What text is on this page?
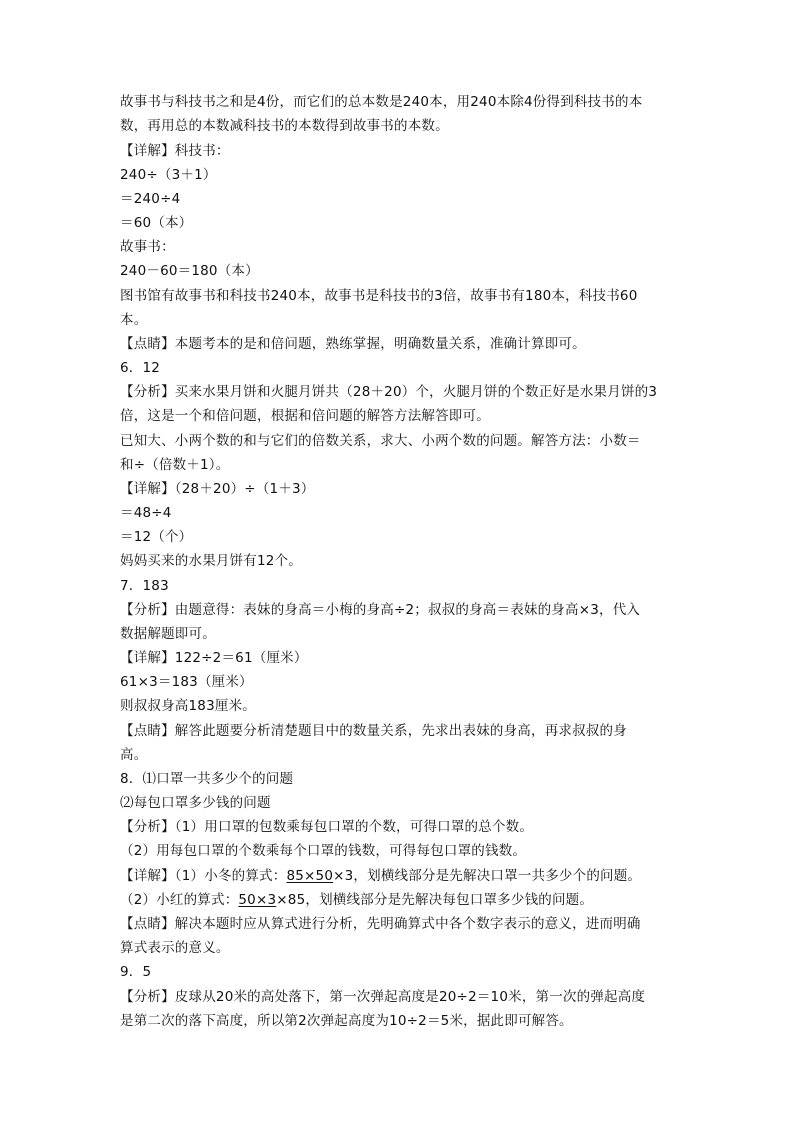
故事书与科技书之和是4份，而它们的总本数是240本，用240本除4份得到科技书的本
数，再用总的本数减科技书的本数得到故事书的本数。
【详解】科技书：
240÷（3＋1）
＝240÷4
＝60（本）
故事书：
240－60＝180（本）
图书馆有故事书和科技书240本，故事书是科技书的3倍，故事书有180本，科技书60
本。
【点睛】本题考本的是和倍问题，熟练掌握，明确数量关系，准确计算即可。
6．12
【分析】买来水果月饼和火腿月饼共（28＋20）个，火腿月饼的个数正好是水果月饼的3
倍，这是一个和倍问题，根据和倍问题的解答方法解答即可。
已知大、小两个数的和与它们的倍数关系，求大、小两个数的问题。解答方法：小数＝
和÷（倍数＋1）。
【详解】（28＋20）÷（1＋3）
＝48÷4
＝12（个）
妈妈买来的水果月饼有12个。
7．183
【分析】由题意得：表妹的身高＝小梅的身高÷2；叔叔的身高＝表妹的身高×3，代入
数据解题即可。
【详解】122÷2＝61（厘米）
61×3＝183（厘米）
则叔叔身高183厘米。
【点睛】解答此题要分析清楚题目中的数量关系，先求出表妹的身高，再求叔叔的身
高。
8．⑴口罩一共多少个的问题
⑵每包口罩多少钱的问题
【分析】（1）用口罩的包数乘每包口罩的个数，可得口罩的总个数。
（2）用每包口罩的个数乘每个口罩的钱数，可得每包口罩的钱数。
【详解】（1）小冬的算式：85×50×3，划横线部分是先解决口罩一共多少个的问题。
（2）小红的算式：50×3×85，划横线部分是先解决每包口罩多少钱的问题。
【点睛】解决本题时应从算式进行分析，先明确算式中各个数字表示的意义，进而明确
算式表示的意义。
9．5
【分析】皮球从20米的高处落下，第一次弹起高度是20÷2＝10米，第一次的弹起高度
是第二次的落下高度，所以第2次弹起高度为10÷2＝5米，据此即可解答。
